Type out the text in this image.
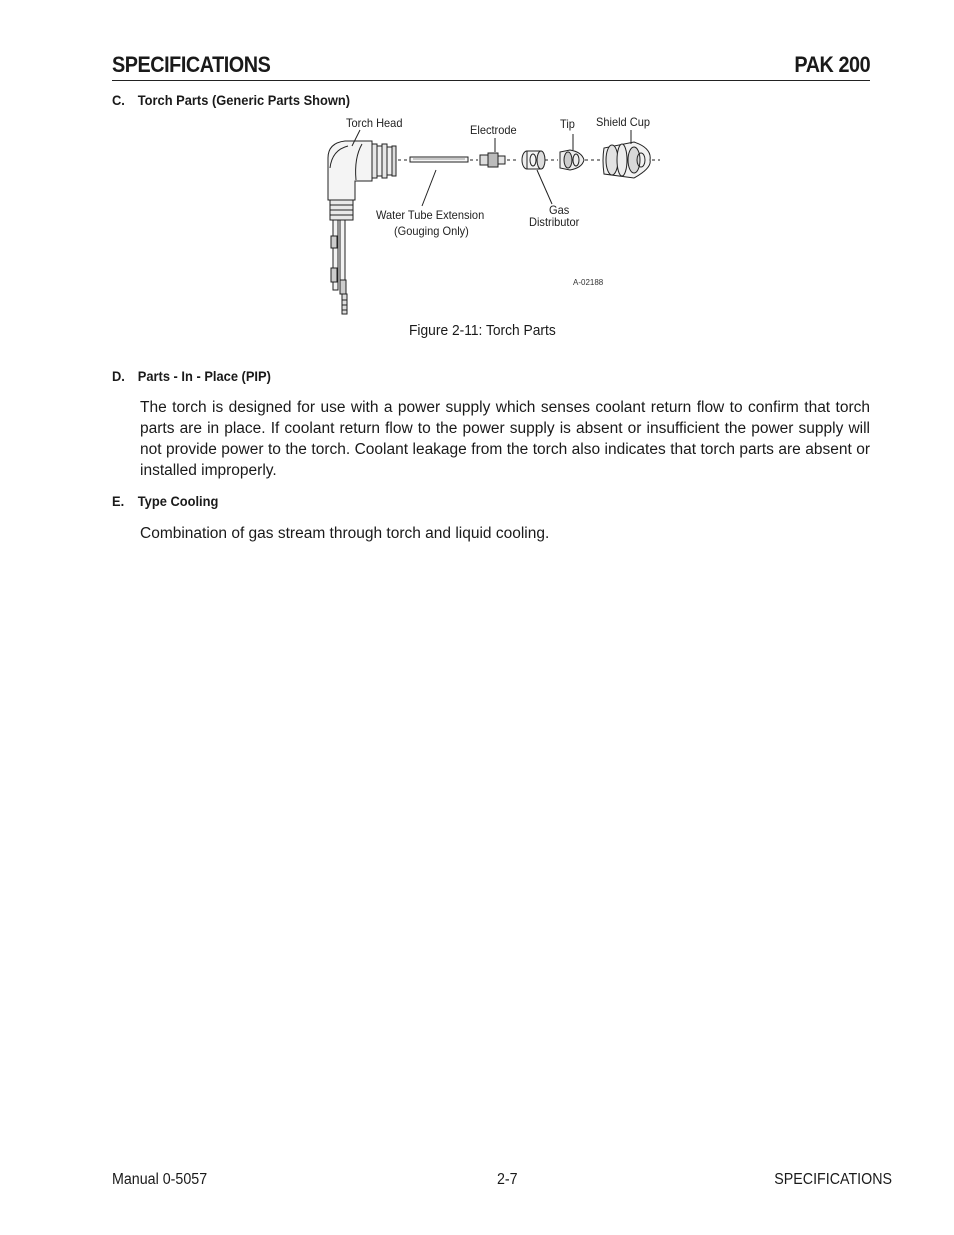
SPECIFICATIONS	PAK 200
C. Torch Parts (Generic Parts Shown)
Torch Head	Electrode	Tip Shield Cup
Water Tube Extension
(Gouging Only)
Gas
Distributor
A-02188
Figure 2-11: Torch Parts
D. Parts - In - Place (PIP)
The torch is designed for use with a power supply which senses coolant return flow to confirm that torch parts are in place. If coolant return flow to the power supply is absent or insufficient the power supply will not provide power to the torch. Coolant leakage from the torch also indicates that torch parts are absent or installed improperly.
E. Type Cooling
Combination of gas stream through torch and liquid cooling.
Manual 0-5057	2-7	SPECIFICATIONS
